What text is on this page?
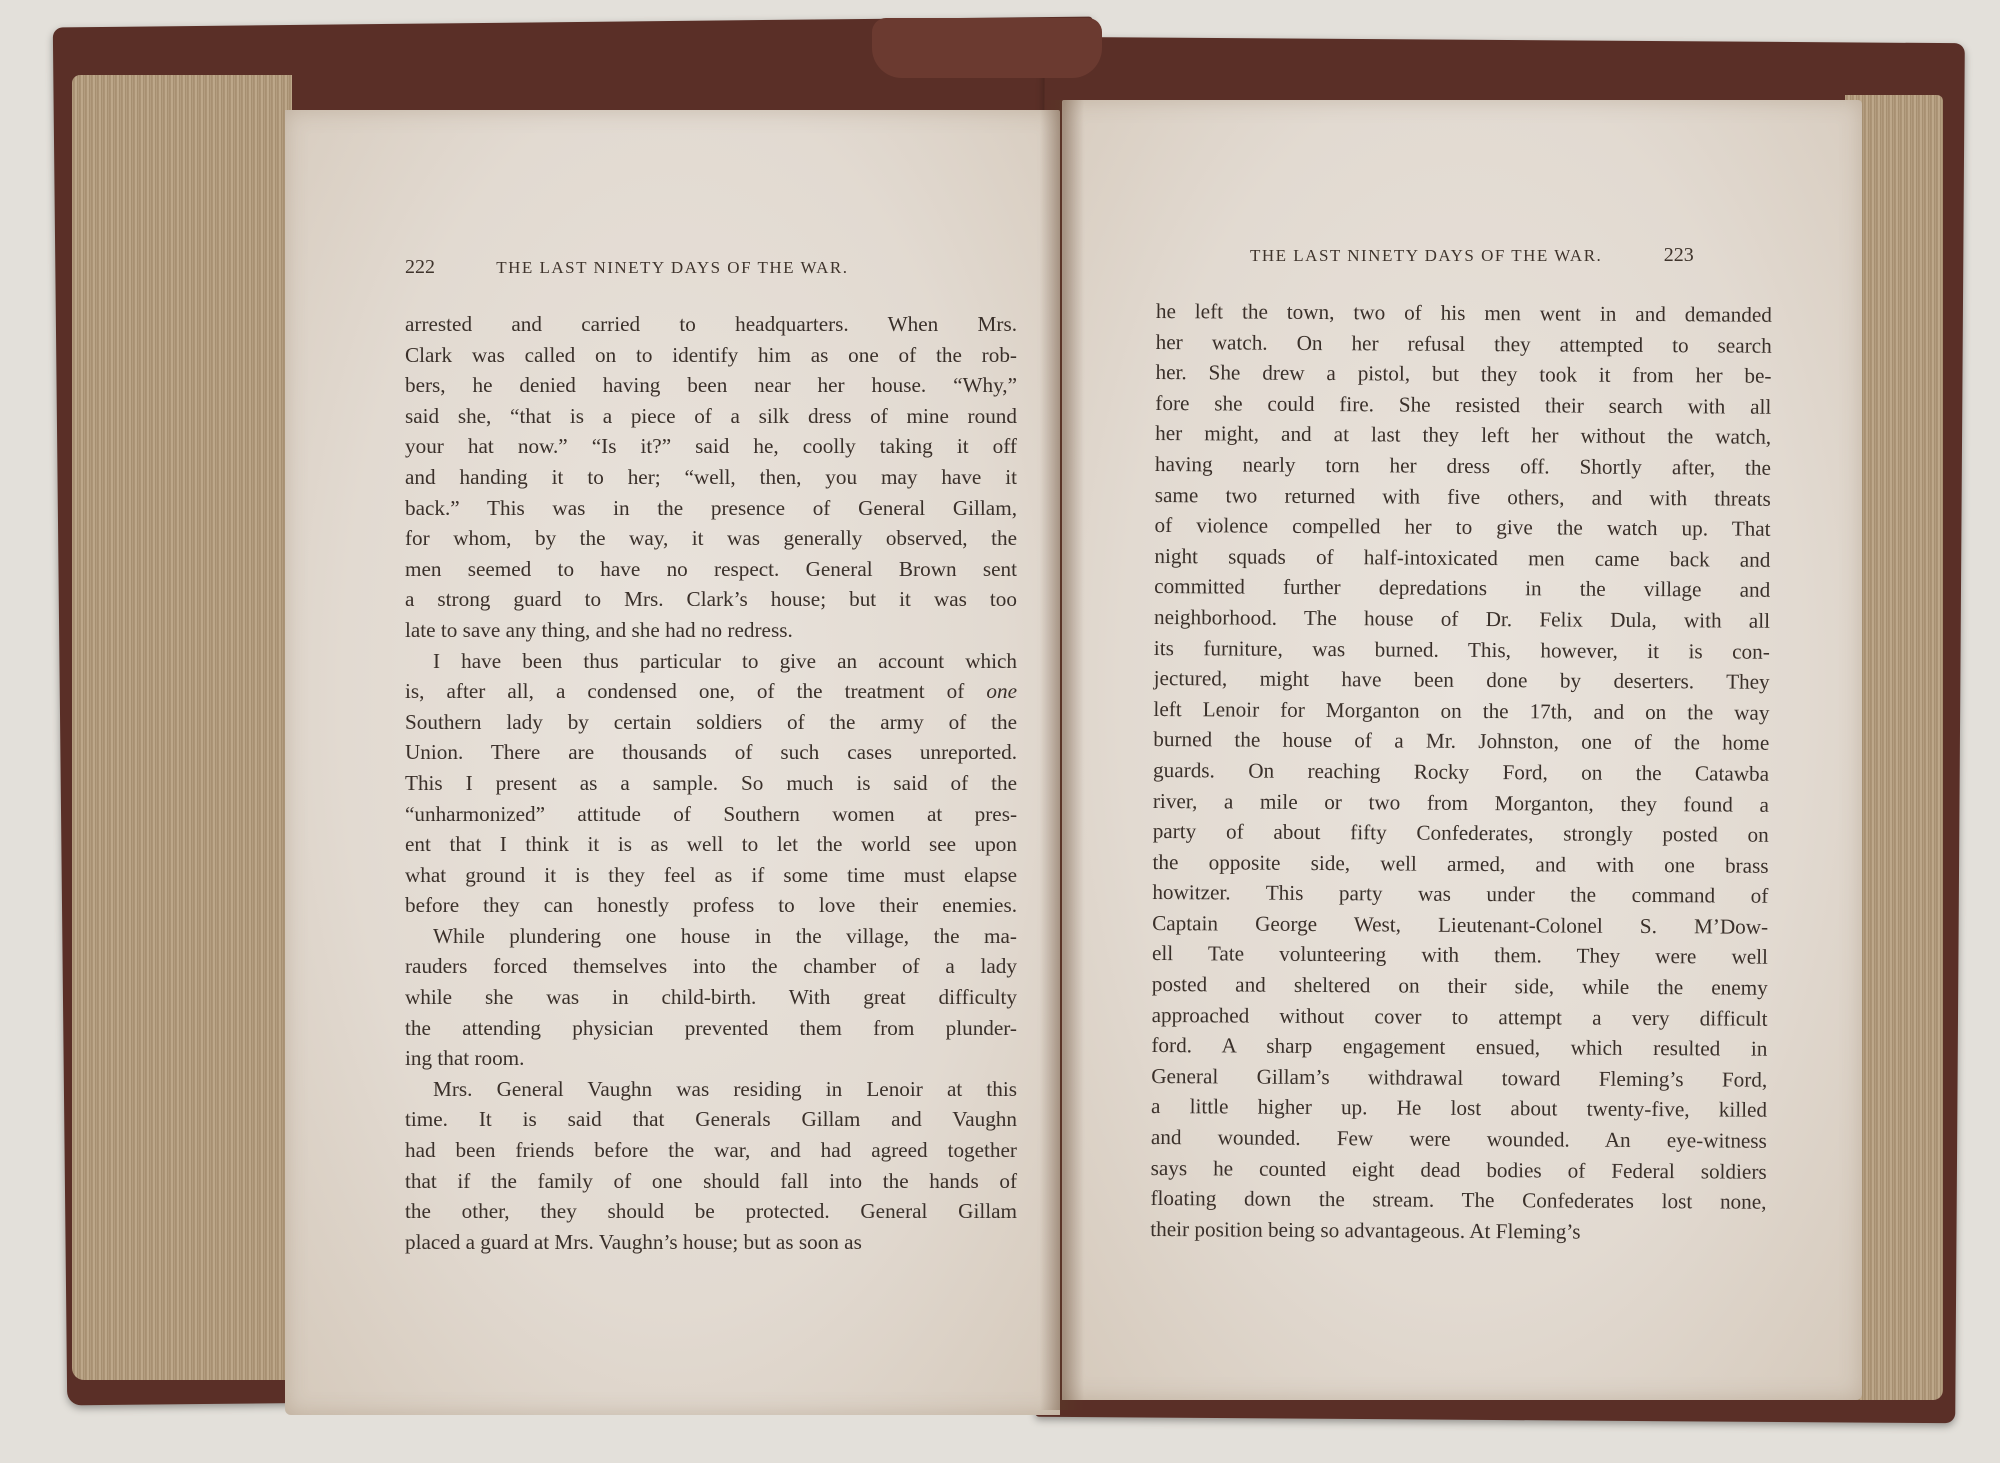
222	THE LAST NINETY DAYS OF THE WAR.
THE LAST NINETY DAYS OF THE WAR.	223
arrested and carried to headquarters. When Mrs.
Clark was called on to identify him as one of the rob-
bers, he denied having been near her house. “Why,”
said she, “that is a piece of a silk dress of mine round
your hat now.” “Is it?” said he, coolly taking it off
and handing it to her; “well, then, you may have it
back.” This was in the presence of General Gillam,
for whom, by the way, it was generally observed, the
men seemed to have no respect. General Brown sent
a strong guard to Mrs. Clark’s house; but it was too
late to save any thing, and she had no redress.
I have been thus particular to give an account which
is, after all, a condensed one, of the treatment of one
Southern lady by certain soldiers of the army of the
Union. There are thousands of such cases unreported.
This I present as a sample. So much is said of the
“unharmonized” attitude of Southern women at pres-
ent that I think it is as well to let the world see upon
what ground it is they feel as if some time must elapse
before they can honestly profess to love their enemies.
While plundering one house in the village, the ma-
rauders forced themselves into the chamber of a lady
while she was in child-birth. With great difficulty
the attending physician prevented them from plunder-
ing that room.
Mrs. General Vaughn was residing in Lenoir at this
time. It is said that Generals Gillam and Vaughn
had been friends before the war, and had agreed together
that if the family of one should fall into the hands of
the other, they should be protected. General Gillam
placed a guard at Mrs. Vaughn’s house; but as soon as
he left the town, two of his men went in and demanded
her watch. On her refusal they attempted to search
her. She drew a pistol, but they took it from her be-
fore she could fire. She resisted their search with all
her might, and at last they left her without the watch,
having nearly torn her dress off. Shortly after, the
same two returned with five others, and with threats
of violence compelled her to give the watch up. That
night squads of half-intoxicated men came back and
committed further depredations in the village and
neighborhood. The house of Dr. Felix Dula, with all
its furniture, was burned. This, however, it is con-
jectured, might have been done by deserters. They
left Lenoir for Morganton on the 17th, and on the way
burned the house of a Mr. Johnston, one of the home
guards. On reaching Rocky Ford, on the Catawba
river, a mile or two from Morganton, they found a
party of about fifty Confederates, strongly posted on
the opposite side, well armed, and with one brass
howitzer. This party was under the command of
Captain George West, Lieutenant-Colonel S. M’Dow-
ell Tate volunteering with them. They were well
posted and sheltered on their side, while the enemy
approached without cover to attempt a very difficult
ford. A sharp engagement ensued, which resulted in
General Gillam’s withdrawal toward Fleming’s Ford,
a little higher up. He lost about twenty-five, killed
and wounded. Few were wounded. An eye-witness
says he counted eight dead bodies of Federal soldiers
floating down the stream. The Confederates lost none,
their position being so advantageous. At Fleming’s
